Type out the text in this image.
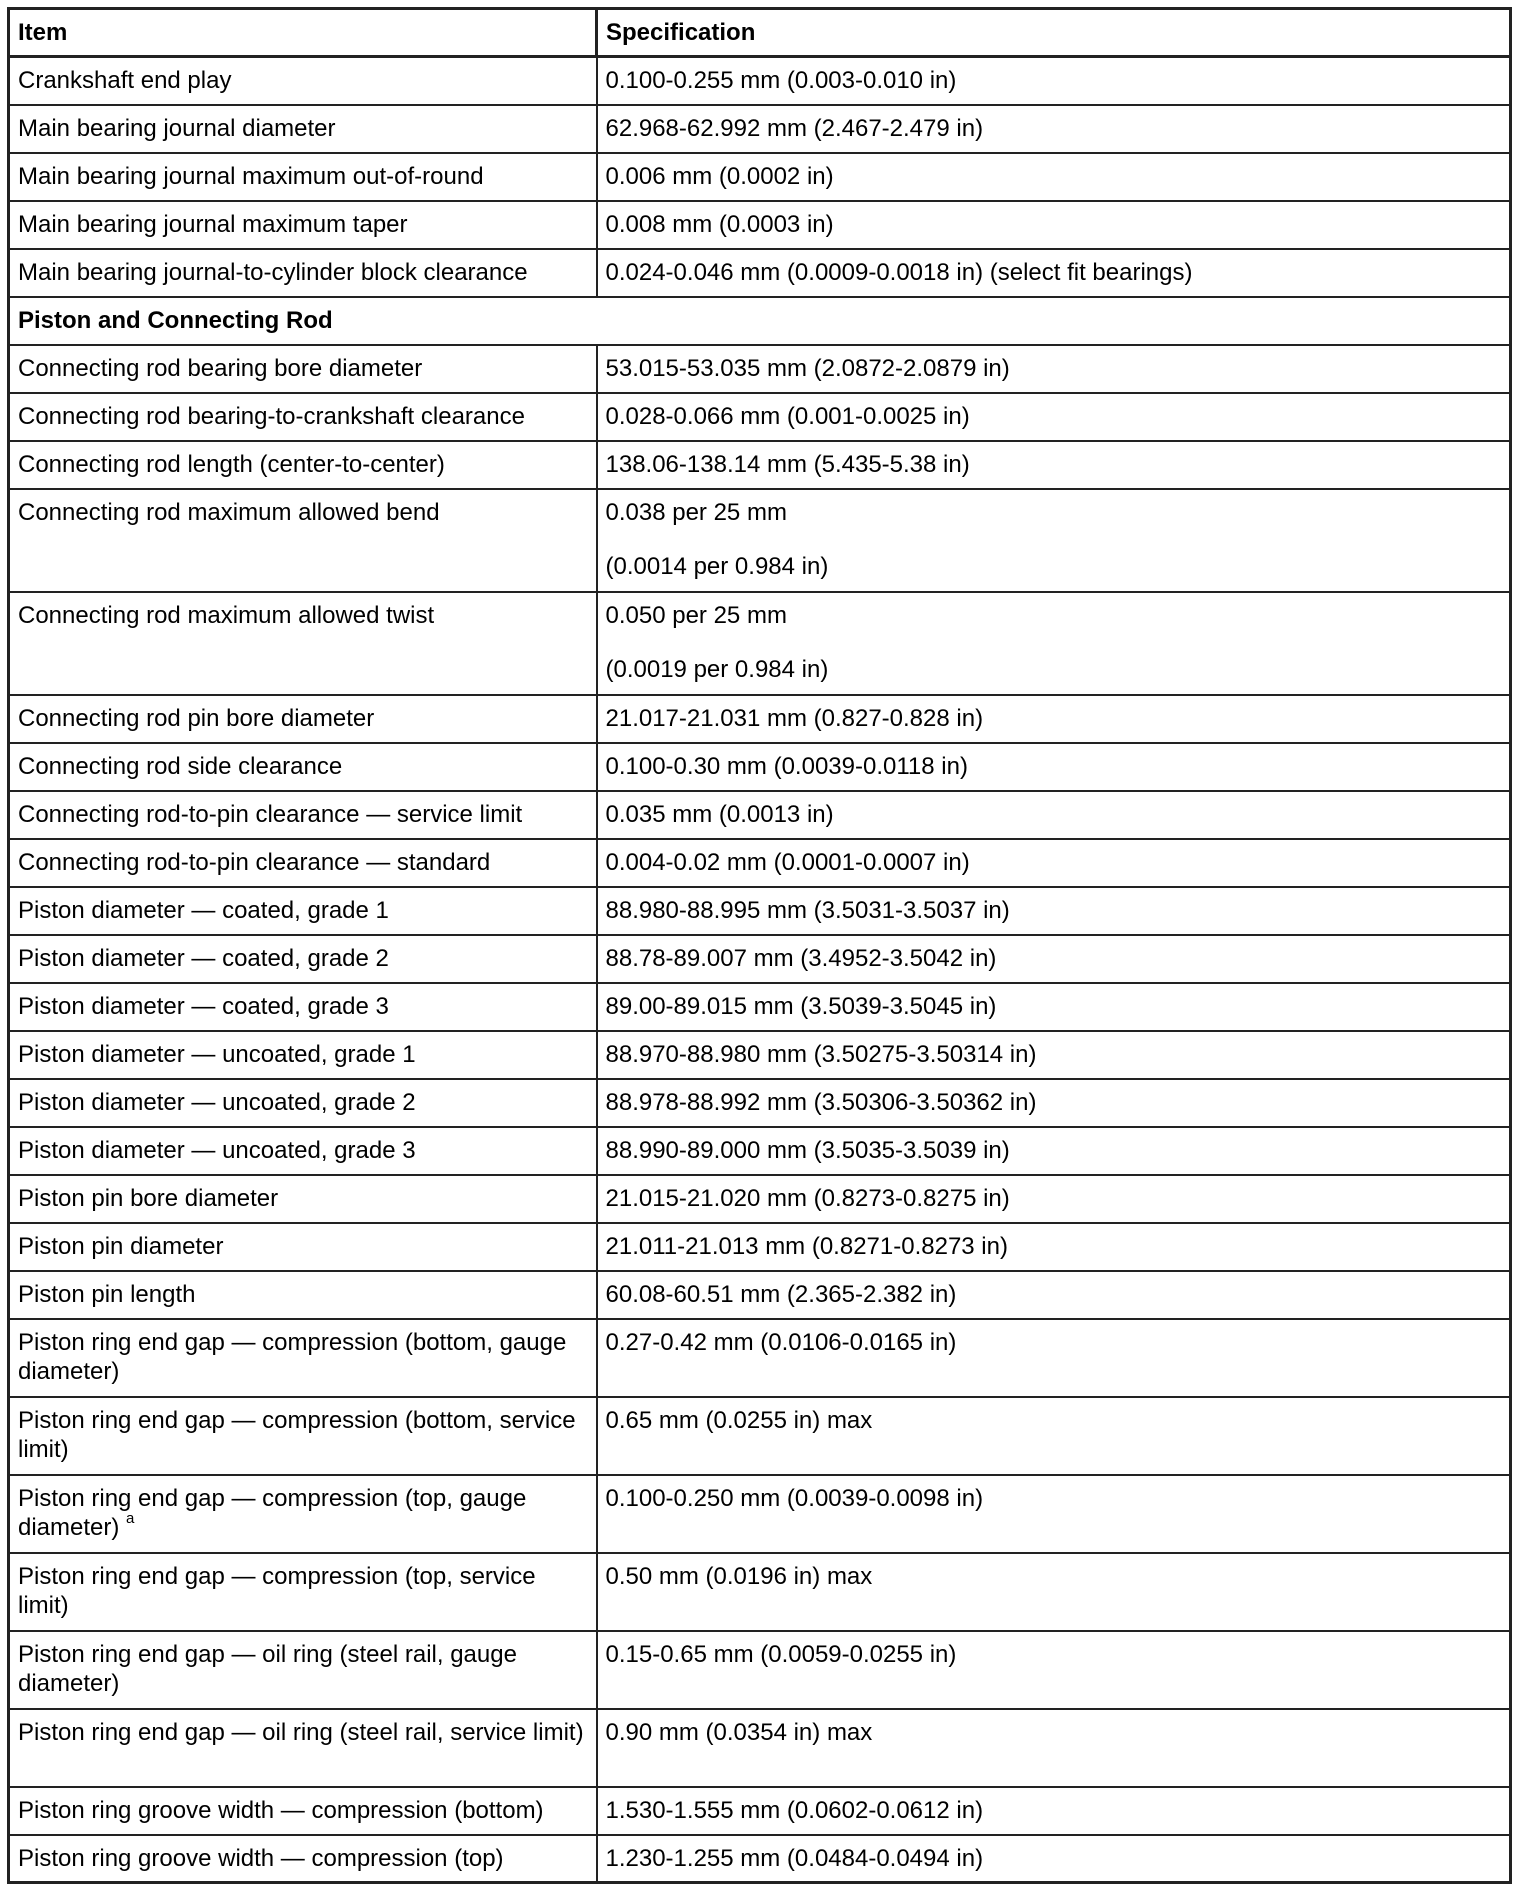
Item	Specification
Crankshaft end play	0.100-0.255 mm (0.003-0.010 in)
Main bearing journal diameter	62.968-62.992 mm (2.467-2.479 in)
Main bearing journal maximum out-of-round	0.006 mm (0.0002 in)
Main bearing journal maximum taper	0.008 mm (0.0003 in)
Main bearing journal-to-cylinder block clearance	0.024-0.046 mm (0.0009-0.0018 in) (select fit bearings)
Piston and Connecting Rod	
Connecting rod bearing bore diameter	53.015-53.035 mm (2.0872-2.0879 in)
Connecting rod bearing-to-crankshaft clearance	0.028-0.066 mm (0.001-0.0025 in)
Connecting rod length (center-to-center)	138.06-138.14 mm (5.435-5.38 in)
Connecting rod maximum allowed bend	0.038 per 25 mm
(0.0014 per 0.984 in)

Connecting rod maximum allowed twist	0.050 per 25 mm
(0.0019 per 0.984 in)

Connecting rod pin bore diameter	21.017-21.031 mm (0.827-0.828 in)
Connecting rod side clearance	0.100-0.30 mm (0.0039-0.0118 in)
Connecting rod-to-pin clearance — service limit	0.035 mm (0.0013 in)
Connecting rod-to-pin clearance — standard	0.004-0.02 mm (0.0001-0.0007 in)
Piston diameter — coated, grade 1	88.980-88.995 mm (3.5031-3.5037 in)
Piston diameter — coated, grade 2	88.78-89.007 mm (3.4952-3.5042 in)
Piston diameter — coated, grade 3	89.00-89.015 mm (3.5039-3.5045 in)
Piston diameter — uncoated, grade 1	88.970-88.980 mm (3.50275-3.50314 in)
Piston diameter — uncoated, grade 2	88.978-88.992 mm (3.50306-3.50362 in)
Piston diameter — uncoated, grade 3	88.990-89.000 mm (3.5035-3.5039 in)
Piston pin bore diameter	21.015-21.020 mm (0.8273-0.8275 in)
Piston pin diameter	21.011-21.013 mm (0.8271-0.8273 in)
Piston pin length	60.08-60.51 mm (2.365-2.382 in)
Piston ring end gap — compression (bottom, gauge diameter)	0.27-0.42 mm (0.0106-0.0165 in)
Piston ring end gap — compression (bottom, service limit)	0.65 mm (0.0255 in) max
Piston ring end gap — compression (top, gauge diameter) $^a$	0.100-0.250 mm (0.0039-0.0098 in)
Piston ring end gap — compression (top, service limit)	0.50 mm (0.0196 in) max
Piston ring end gap — oil ring (steel rail, gauge diameter)	0.15-0.65 mm (0.0059-0.0255 in)
Piston ring end gap — oil ring (steel rail, service limit)	0.90 mm (0.0354 in) max
Piston ring groove width — compression (bottom)	1.530-1.555 mm (0.0602-0.0612 in)
Piston ring groove width — compression (top)	1.230-1.255 mm (0.0484-0.0494 in)
